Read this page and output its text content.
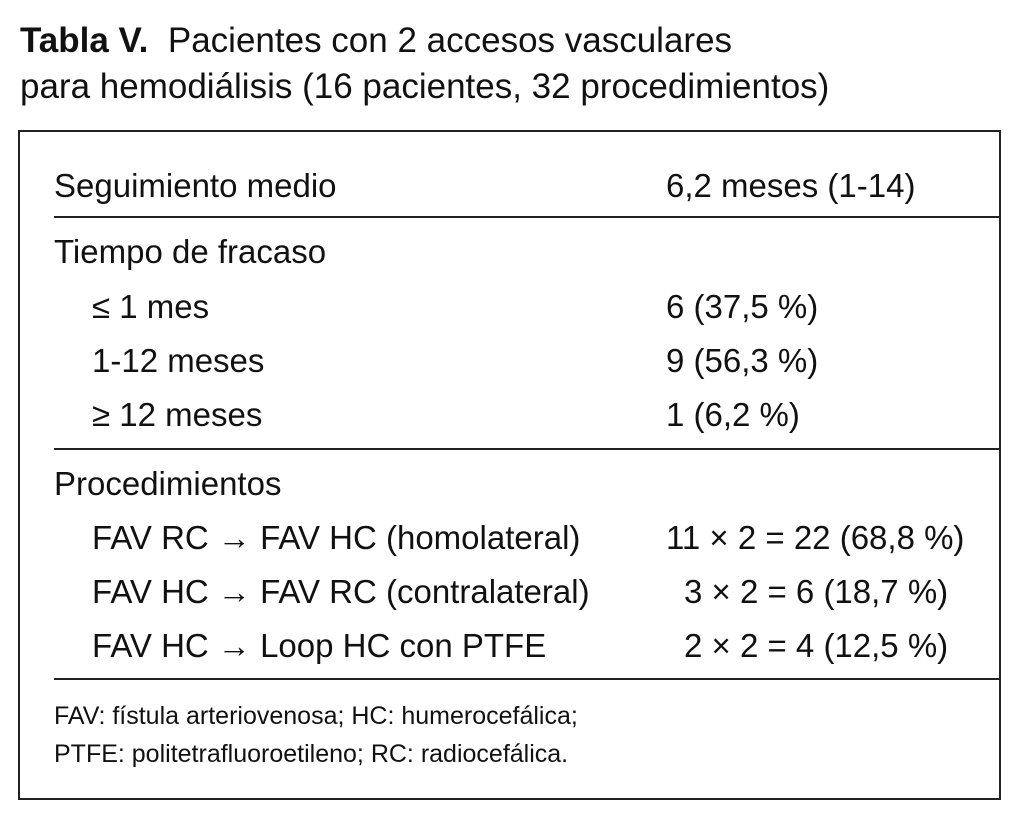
Tabla V. Pacientes con 2 accesos vasculares
para hemodiálisis (16 pacientes, 32 procedimientos)
Seguimiento medio	6,2 meses (1-14)
Tiempo de fracaso
≤ 1 mes	6 (37,5 %)
1-12 meses	9 (56,3 %)
≥ 12 meses	1 (6,2 %)
Procedimientos
FAV RC → FAV HC (homolateral)	11 × 2 = 22 (68,8 %)
FAV HC → FAV RC (contralateral)	3 × 2 = 6 (18,7 %)
FAV HC → Loop HC con PTFE	2 × 2 = 4 (12,5 %)
FAV: fístula arteriovenosa; HC: humerocefálica;
PTFE: politetrafluoroetileno; RC: radiocefálica.
